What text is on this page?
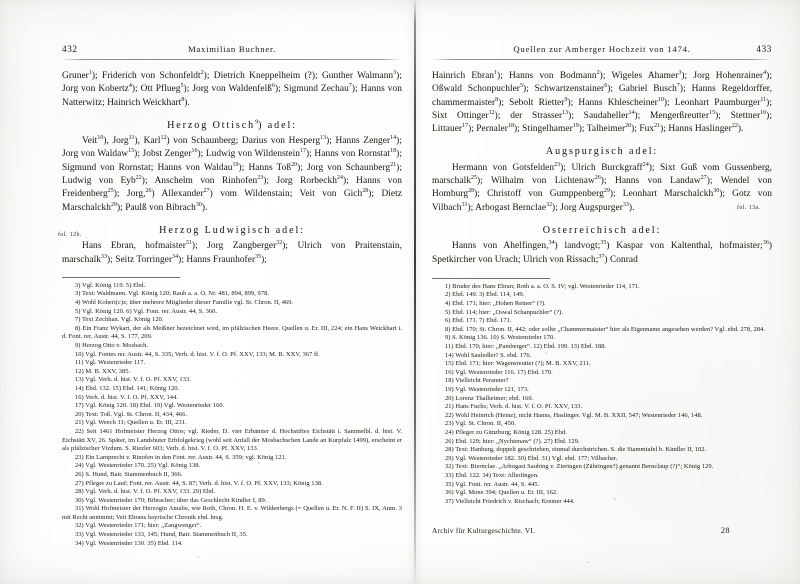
432	Maximilian Buchner.

Gruner$^1$); Friderich von Schonfeldt$^2$); Dietrich Kneppelheim (?); Gunther Walmann$^3$); Jorg von Kobertz$^4$); Ott Pflueg$^5$); Jorg von Waldenfelß$^6$); Sigmund Zechau$^7$); Hanns von Natterwitz; Hainrich Weickhart$^8$).

Herzog Ottisch$^9$) adel:

Veit$^{10}$), Jorg$^{11}$), Karl$^{12}$) von Schaunberg; Darius von Hesperg$^{13}$); Hanns Zenger$^{14}$); Jorg von Waldaw$^{15}$); Jobst Zenger$^{16}$); Ludwig von Wildenstein$^{17}$); Hanns von Rornstat$^{18}$); Sigmund von Rornstat; Hanns von Waldau$^{19}$); Hanns Toß$^{20}$); Jorg von Schaunberg$^{21}$); Ludwig von Eyb$^{22}$); Anschelm von Rinhofen$^{23}$); Jorg Rorbeckh$^{24}$); Hanns von Freidenberg$^{25}$); Jorg,$^{26}$) Allexander$^{27}$) vom Wildenstain; Veit von Gich$^{28}$); Dietz Marschalckh$^{29}$); Paulß von Bibrach$^{30}$).

Herzog Ludwigisch adel:

Hans Ebran, hofmaister$^{31}$); Jorg Zangberger$^{32}$); Ulrich von Praitenstain, marschalk$^{33}$); Seitz Torringer$^{34}$); Hanns Fraunhofer$^{35}$);

3) Vgl. König 119. 5) Ebd.

3) Text: Waldmann. Vgl. König 120; Raub a. a. O. Nr. 481, 894, 899, 978.

4) Wohl Koberi(c)z; über mehrere Mitglieder dieser Familie vgl. St. Chron. II, 469.

5) Vgl. König 120. 6) Vgl. Font. rer. Austr. 44, S. 360.

7) Text Zechhan. Vgl. König 120.

8) Ein Franz Wykart, der als Meißner bezeichnet wird, im pfälzischen Heere. Quellen u. Er. III, 224; ein Hans Weickhart i. d. Font. rer. Austr. 44, S. 177, 209.

9) Herzog Otto v. Mosbach.

10) Vgl. Fontes rer. Austr. 44, S. 335; Verh. d. hist. V. f. O. Pf. XXV, 133; M. B. XXV, 367 ff.

11) Vgl. Westenrieder 117.

12) M. B. XXV, 385.

13) Vgl. Verh. d. hist. V. f. O. Pf. XXV, 133.

14) Ebd. 132. 15) Ebd. 141; König 120.

16) Verh. d. hist. V. f. O. Pf. XXV, 144.

17) Vgl. König 120. 18) Ebd. 19) Vgl. Westenrieder 160.

20) Text: Toß. Vgl. St. Chron. II, 434, 466.

21) Vgl. Weech 11; Quellen u. Er. III, 231.

22) Seit 1461 Hofmeister Herzog Ottos; vgl. Rieder, D. vier Erbämter d. Hochstiftes Eichstätt i. Sammelbl. d. hist. V. Eichstätt XV, 26. Später, im Landshuter Erbfolgekrieg (wohl seit Anfall der Mosbachschen Lande an Kurpfalz 1499), erscheint er als pfälzischer Vizdum. S. Riezler 603; Verh. d. hist. V. f. O. Pf. XXV, 133.

23) Ein Lamprecht v. Rinofen in den Font. rer. Austr. 44, S. 359; vgl. König 121.

24) Vgl. Westenrieder 170. 25) Vgl. König 138.

26) S. Hund, Bair. Stammenbuch II, 366.

27) Pfleger zu Lauf; Font. rer. Austr. 44, S. 87; Verh. d. hist. V. f. O. Pf. XXV, 133; König 138.

28) Vgl. Verh. d. hist. V. f. O. Pf. XXV, 133. 29) Ebd.

30) Vgl. Westenrieder 170; Bibracher; über das Geschlecht Kindler I, 89.

31) Wohl Hofmeister der Herzogin Amalie, wie Roth, Chron. H. E. v. Wildenbergs (= Quellen u. Er. N. F. II) S. IX, Anm. 3 mit Recht annimmt; Veit Ebrans bayrische Chronik ebd. hrsg.

32) Vgl. Westenrieder 171; hier: „Zangwenger“.

33) Vgl. Westenrieder 133, 145; Hund, Bair. Stammenbuch II, 35.

34) Vgl. Westenrieder 130. 35) Ebd. 114.

Quellen zur Amberger Hochzeit von 1474.	433

Hainrich Ebran$^1$); Hanns von Bodmann$^2$); Wigeles Ahamer$^3$); Jorg Hohenrainer$^4$); Oßwald Schonpuchler$^5$); Schwartzenstainer$^6$); Gabriel Busch$^7$); Hanns Regeldorffer, chammermaister$^8$); Sebolt Rietter$^9$); Hanns Khlescheiner$^{10}$); Leonhart Paumburger$^{11}$); Sixt Ottinger$^{12}$); der Strasser$^{13}$); Saudaheller$^{14}$); Mengerßreutter$^{15}$); Stettner$^{16}$); Littauer$^{17}$); Pernaler$^{18}$); Stingelhamer$^{19}$); Talheimer$^{20}$); Fux$^{21}$); Hanns Haslinger$^{22}$).

Augspurgisch adel:

Hermann von Gotsfelden$^{23}$); Ulrich Burckgraff$^{24}$); Sixt Guß vom Gussenberg, marschalk$^{25}$); Wilhalm von Lichtenaw$^{26}$); Hanns von Landaw$^{27}$); Wendel von Homburg$^{28}$); Christoff von Gumppenberg$^{29}$); Leonhart Marschalckh$^{30}$); Gotz von Vilbach$^{31}$); Arbogast Bernclae$^{32}$); Jorg Augspurger$^{33}$).

Osterreichisch adel:

Hanns von Ahelfingen,$^{34}$) landvogt;$^{35}$) Kaspar von Kaltenthal, hofmaister;$^{36}$) Spetkircher von Urach; Ulrich von Rissach;$^{37}$) Conrad

1) Bruder des Hans Ebran; Roth a. a. O. S. IV; vgl. Westenrieder 114, 171.

2) Ebd. 149. 3) Ebd. 114, 149.

4) Ebd. 171; hier: „Hohen Reiner“ (?).

5) Ebd. 114; hier: „Oswal Schanpuchler“ (?).

6) Ebd. 171. 7) Ebd. 171.

8) Ebd. 170; St. Chron. II, 442; oder sollte „Chammermaister“ hier als Eigenname angesehen werden? Vgl. ebd. 278, 284.

9) S. König 136. 10) S. Westenrieder 170.

11) Ebd. 170; hier: „Pamberger“. 12) Ebd. 199. 13) Ebd. 188.

14) Wohl Sauledler? S. ebd. 176.

15) Ebd. 171; hier: Wagensreutter (?); M. B. XXV, 211.

16) Vgl. Westenrieder 116. 17) Ebd. 170.

18) Vielleicht Peranner?

19) Vgl. Westenrieder 121, 173.

20) Lorenz Thalheimer; ebd. 160.

21) Hans Fuchs; Verh. d. hist. V. f. O. Pf. XXV, 133.

22) Wohl Heinrich (Heinz), nicht Hanns, Haslinger. Vgl. M. B. XXII, 547; Westenrieder 146, 148.

23) Vgl. St. Chron. II, 450.

24) Pfleger zu Günzburg; König 128. 25) Ebd.

26) Ebd. 129; hier: „Nychtenaw“ (?). 27) Ebd. 129.

28) Text: Hanburg, doppelt geschrieben, einmal durchstrichen. S. die Stammtafel b. Kindler II, 102.

29) Vgl. Westenrieder 182. 30) Ebd. 31) Vgl. ebd. 177; Vilbacher.

32) Text: Biernclae. „Arbogast Saubing v. Zieringen (Zähringen?) genannt Bernclaup (?)“; König 129.

33) Ebd. 122. 34) Text: Alhofingen.

35) Vgl. Font. rer. Austr. 44, S. 445.

36) Vgl. Mone 394; Quellen u. Er. III, 162.

37) Vielleicht Friedrich v. Rischach; Kremer 444.

fol. 12b.
fol. 13a.
Archiv für Kulturgeschichte. VI.	28
